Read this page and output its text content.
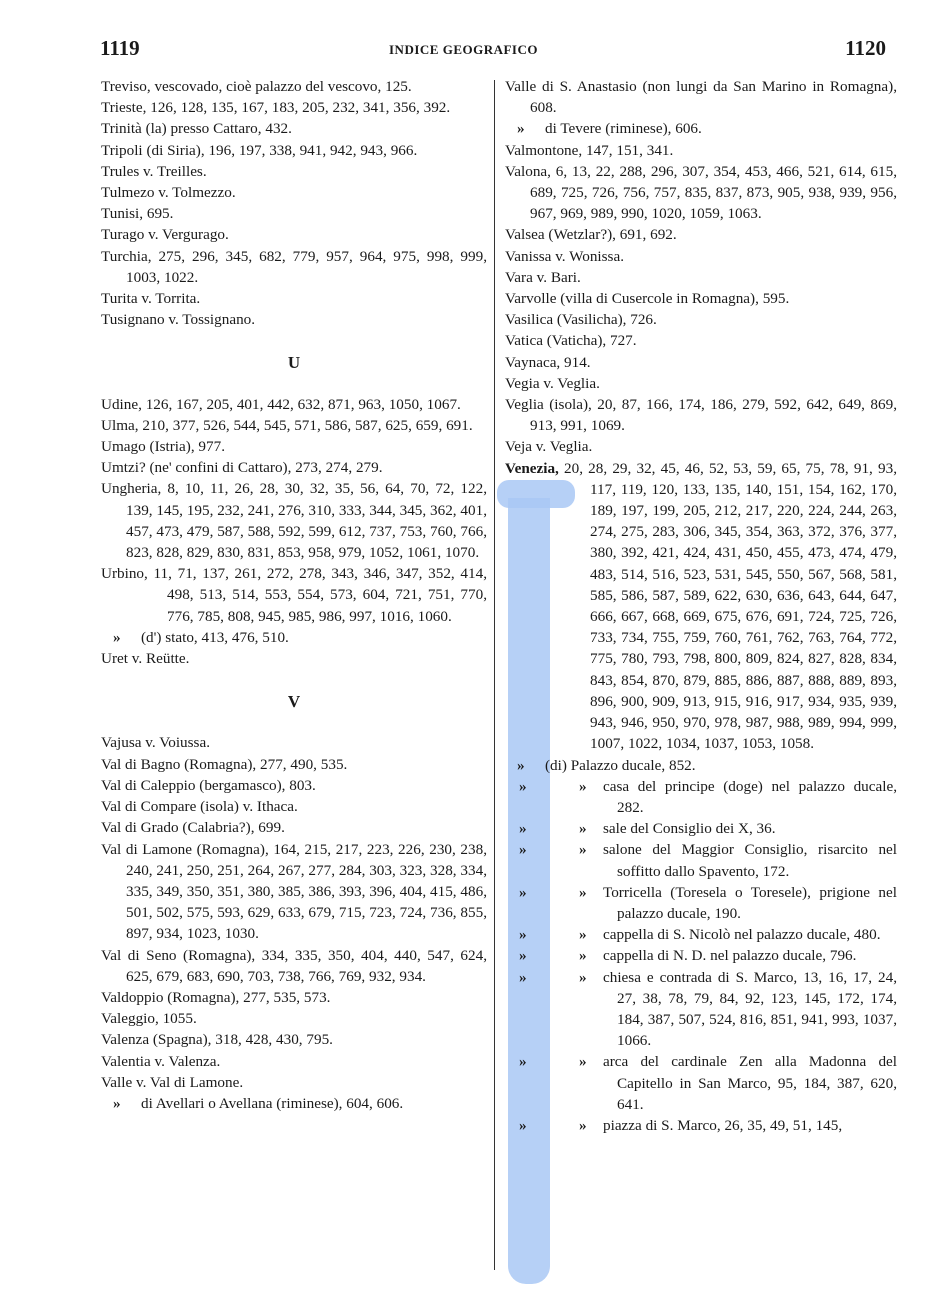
1119	INDICE GEOGRAFICO	1120

Treviso, vescovado, cioè palazzo del vescovo, 125.

Trieste, 126, 128, 135, 167, 183, 205, 232, 341, 356, 392.

Trinità (la) presso Cattaro, 432.

Tripoli (di Siria), 196, 197, 338, 941, 942, 943, 966.

Trules v. Treilles.

Tulmezo v. Tolmezzo.

Tunisi, 695.

Turago v. Vergurago.

Turchia, 275, 296, 345, 682, 779, 957, 964, 975, 998, 999, 1003, 1022.

Turita v. Torrita.

Tusignano v. Tossignano.

U

Udine, 126, 167, 205, 401, 442, 632, 871, 963, 1050, 1067.

Ulma, 210, 377, 526, 544, 545, 571, 586, 587, 625, 659, 691.

Umago (Istria), 977.

Umtzi? (ne' confini di Cattaro), 273, 274, 279.

Ungheria, 8, 10, 11, 26, 28, 30, 32, 35, 56, 64, 70, 72, 122, 139, 145, 195, 232, 241, 276, 310, 333, 344, 345, 362, 401, 457, 473, 479, 587, 588, 592, 599, 612, 737, 753, 760, 766, 823, 828, 829, 830, 831, 853, 958, 979, 1052, 1061, 1070.

Urbino, 11, 71, 137, 261, 272, 278, 343, 346, 347, 352, 414, 498, 513, 514, 553, 554, 573, 604, 721, 751, 770, 776, 785, 808, 945, 985, 986, 997, 1016, 1060.

» (d') stato, 413, 476, 510.

Uret v. Reütte.

V

Vajusa v. Voiussa.

Val di Bagno (Romagna), 277, 490, 535.

Val di Caleppio (bergamasco), 803.

Val di Compare (isola) v. Ithaca.

Val di Grado (Calabria?), 699.

Val di Lamone (Romagna), 164, 215, 217, 223, 226, 230, 238, 240, 241, 250, 251, 264, 267, 277, 284, 303, 323, 328, 334, 335, 349, 350, 351, 380, 385, 386, 393, 396, 404, 415, 486, 501, 502, 575, 593, 629, 633, 679, 715, 723, 724, 736, 855, 897, 934, 1023, 1030.

Val di Seno (Romagna), 334, 335, 350, 404, 440, 547, 624, 625, 679, 683, 690, 703, 738, 766, 769, 932, 934.

Valdoppio (Romagna), 277, 535, 573.

Valeggio, 1055.

Valenza (Spagna), 318, 428, 430, 795.

Valentia v. Valenza.

Valle v. Val di Lamone.

» di Avellari o Avellana (riminese), 604, 606.

Valle di S. Anastasio (non lungi da San Marino in Romagna), 608.

» di Tevere (riminese), 606.

Valmontone, 147, 151, 341.

Valona, 6, 13, 22, 288, 296, 307, 354, 453, 466, 521, 614, 615, 689, 725, 726, 756, 757, 835, 837, 873, 905, 938, 939, 956, 967, 969, 989, 990, 1020, 1059, 1063.

Valsea (Wetzlar?), 691, 692.

Vanissa v. Wonissa.

Vara v. Bari.

Varvolle (villa di Cusercole in Romagna), 595.

Vasilica (Vasilicha), 726.

Vatica (Vaticha), 727.

Vaynaca, 914.

Vegia v. Veglia.

Veglia (isola), 20, 87, 166, 174, 186, 279, 592, 642, 649, 869, 913, 991, 1069.

Veja v. Veglia.

Venezia, 20, 28, 29, 32, 45, 46, 52, 53, 59, 65, 75, 78, 91, 93, 117, 119, 120, 133, 135, 140, 151, 154, 162, 170, 189, 197, 199, 205, 212, 217, 220, 224, 244, 263, 274, 275, 283, 306, 345, 354, 363, 372, 376, 377, 380, 392, 421, 424, 431, 450, 455, 473, 474, 479, 483, 514, 516, 523, 531, 545, 550, 567, 568, 581, 585, 586, 587, 589, 622, 630, 636, 643, 644, 647, 666, 667, 668, 669, 675, 676, 691, 724, 725, 726, 733, 734, 755, 759, 760, 761, 762, 763, 764, 772, 775, 780, 793, 798, 800, 809, 824, 827, 828, 834, 843, 854, 870, 879, 885, 886, 887, 888, 889, 893, 896, 900, 909, 913, 915, 916, 917, 934, 935, 939, 943, 946, 950, 970, 978, 987, 988, 989, 994, 999, 1007, 1022, 1034, 1037, 1053, 1058.

» (di) Palazzo ducale, 852.

»	» casa del principe (doge) nel palazzo ducale, 282.

»	» sale del Consiglio dei X, 36.

»	» salone del Maggior Consiglio, risarcito nel soffitto dallo Spavento, 172.

»	» Torricella (Toresela o Toresele), prigione nel palazzo ducale, 190.

»	» cappella di S. Nicolò nel palazzo ducale, 480.

»	» cappella di N. D. nel palazzo ducale, 796.

»	» chiesa e contrada di S. Marco, 13, 16, 17, 24, 27, 38, 78, 79, 84, 92, 123, 145, 172, 174, 184, 387, 507, 524, 816, 851, 941, 993, 1037, 1066.

»	» arca del cardinale Zen alla Madonna del Capitello in San Marco, 95, 184, 387, 620, 641.

»	» piazza di S. Marco, 26, 35, 49, 51, 145,
